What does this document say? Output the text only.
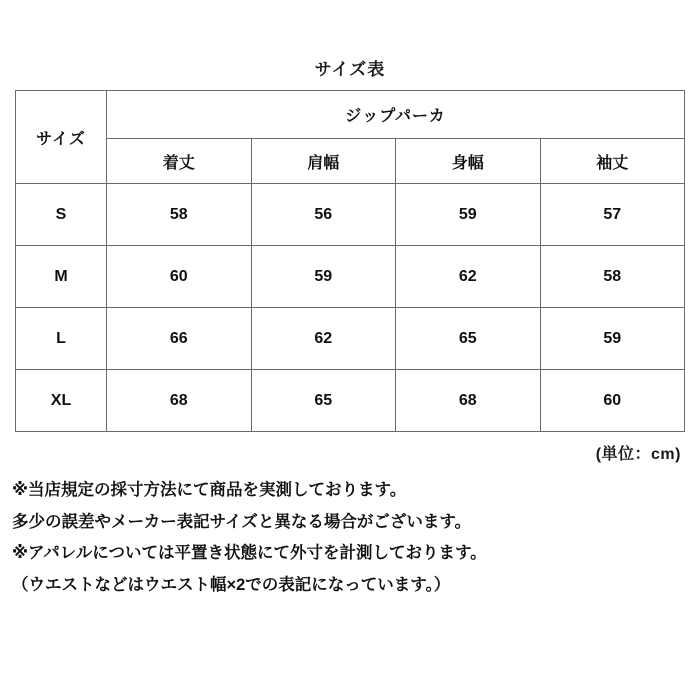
サイズ表
サイズ	ジップパーカ			
	着丈	肩幅	身幅	袖丈
S	58	56	59	57
M	60	59	62	58
L	66	62	65	59
XL	68	65	68	60
(単位：cm)

※当店規定の採寸方法にて商品を実測しております。

多少の誤差やメーカー表記サイズと異なる場合がございます。

※アパレルについては平置き状態にて外寸を計測しております。

（ウエストなどはウエスト幅×2での表記になっています。）
